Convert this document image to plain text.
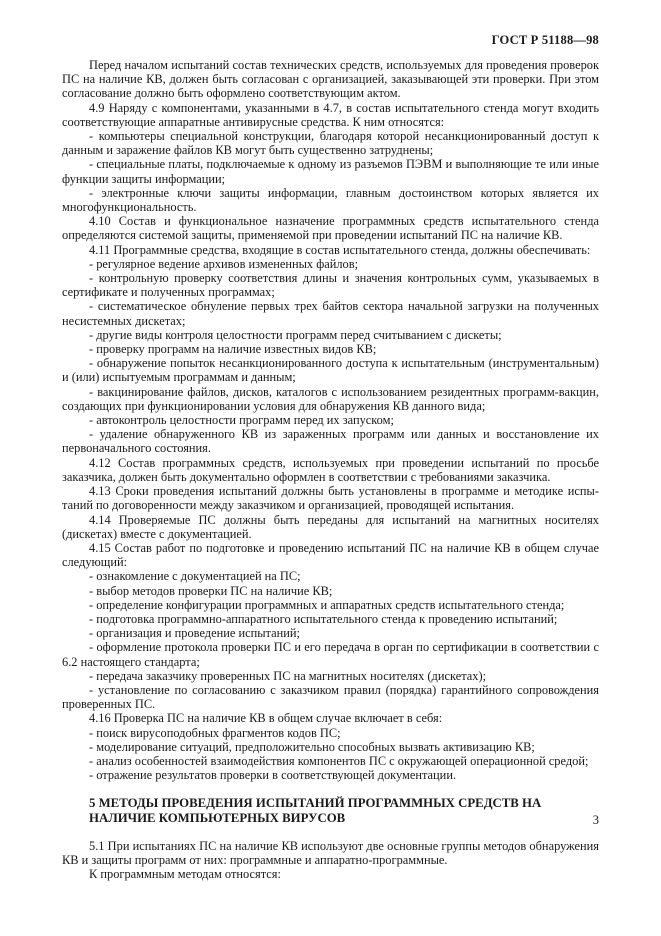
ГОСТ Р 51188—98

Перед началом испытаний состав технических средств, используемых для проведения проверок ПС на наличие КВ, должен быть согласован с организацией, заказывающей эти проверки. При этом согласование должно быть оформлено соответствующим актом.

4.9 Наряду с компонентами, указанными в 4.7, в состав испытательного стенда могут входить соответствующие аппаратные антивирусные средства. К ним относятся:

- компьютеры специальной конструкции, благодаря которой несанкционированный доступ к данным и заражение файлов КВ могут быть существенно затруднены;

- специальные платы, подключаемые к одному из разъемов ПЭВМ и выполняющие те или иные функции защиты информации;

- электронные ключи защиты информации, главным достоинством которых является их многофункциональность.

4.10 Состав и функциональное назначение программных средств испытательного стенда определяются системой защиты, применяемой при проведении испытаний ПС на наличие КВ.

4.11 Программные средства, входящие в состав испытательного стенда, должны обеспечивать:

- регулярное ведение архивов измененных файлов;

- контрольную проверку соответствия длины и значения контрольных сумм, указываемых в сертификате и полученных программах;

- систематическое обнуление первых трех байтов сектора начальной загрузки на полученных несистемных дискетах;

- другие виды контроля целостности программ перед считыванием с дискеты;

- проверку программ на наличие известных видов КВ;

- обнаружение попыток несанкционированного доступа к испытательным (инструментальным) и (или) испытуемым программам и данным;

- вакцинирование файлов, дисков, каталогов с использованием резидентных программ-вакцин, создающих при функционировании условия для обнаружения КВ данного вида;

- автоконтроль целостности программ перед их запуском;

- удаление обнаруженного КВ из зараженных программ или данных и восстановление их первоначального состояния.

4.12 Состав программных средств, используемых при проведении испытаний по просьбе заказчика, должен быть документально оформлен в соответствии с требованиями заказчика.

4.13 Сроки проведения испытаний должны быть установлены в программе и методике испытаний по договоренности между заказчиком и организацией, проводящей испытания.

4.14 Проверяемые ПС должны быть переданы для испытаний на магнитных носителях (дискетах) вместе с документацией.

4.15 Состав работ по подготовке и проведению испытаний ПС на наличие КВ в общем случае следующий:

- ознакомление с документацией на ПС;

- выбор методов проверки ПС на наличие КВ;

- определение конфигурации программных и аппаратных средств испытательного стенда;

- подготовка программно-аппаратного испытательного стенда к проведению испытаний;

- организация и проведение испытаний;

- оформление протокола проверки ПС и его передача в орган по сертификации в соответствии с 6.2 настоящего стандарта;

- передача заказчику проверенных ПС на магнитных носителях (дискетах);

- установление по согласованию с заказчиком правил (порядка) гарантийного сопровождения проверенных ПС.

4.16 Проверка ПС на наличие КВ в общем случае включает в себя:

- поиск вирусоподобных фрагментов кодов ПС;

- моделирование ситуаций, предположительно способных вызвать активизацию КВ;

- анализ особенностей взаимодействия компонентов ПС с окружающей операционной средой;

- отражение результатов проверки в соответствующей документации.

5 МЕТОДЫ ПРОВЕДЕНИЯ ИСПЫТАНИЙ ПРОГРАММНЫХ СРЕДСТВ НА НАЛИЧИЕ КОМПЬЮТЕРНЫХ ВИРУСОВ

5.1 При испытаниях ПС на наличие КВ используют две основные группы методов обнаружения КВ и защиты программ от них: программные и аппаратно-программные.

К программным методам относятся:

3
